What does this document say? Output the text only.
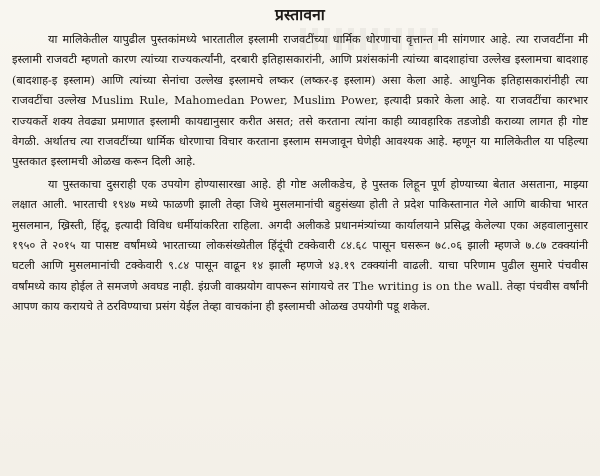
प्रस्तावना

या मालिकेतील यापुढील पुस्तकांमध्ये भारतातील इस्लामी राजवटींच्या धार्मिक धोरणाचा वृत्तान्त मी सांगणार आहे. त्या राजवटींना मी इस्लामी राजवटी म्हणतो कारण त्यांच्या राज्यकर्त्यांनी, दरबारी इतिहासकारांनी, आणि प्रशंसकांनी त्यांच्या बादशाहांचा उल्लेख इस्लामचा बादशाह (बादशाह-इ इस्लाम) आणि त्यांच्या सेनांचा उल्लेख इस्लामचे लष्कर (लष्कर-इ इस्लाम) असा केला आहे. आधुनिक इतिहासकारांनीही त्या राजवटींचा उल्लेख Muslim Rule, Mahomedan Power, Muslim Power, इत्यादी प्रकारे केला आहे. या राजवटींचा कारभार राज्यकर्ते शक्य तेवढ्या प्रमाणात इस्लामी कायद्यानुसार करीत असत; तसे करताना त्यांना काही व्यावहारिक तडजोडी कराव्या लागत ही गोष्ट वेगळी. अर्थातच त्या राजवटींच्या धार्मिक धोरणाचा विचार करताना इस्लाम समजावून घेणेही आवश्यक आहे. म्हणून या मालिकेतील या पहिल्या पुस्तकात इस्लामची ओळख करून दिली आहे.

या पुस्तकाचा दुसराही एक उपयोग होण्यासारखा आहे. ही गोष्ट अलीकडेच, हे पुस्तक लिहून पूर्ण होण्याच्या बेतात असताना, माझ्या लक्षात आली. भारताची १९४७ मध्ये फाळणी झाली तेव्हा जिथे मुसलमानांची बहुसंख्या होती ते प्रदेश पाकिस्तानात गेले आणि बाकीचा भारत मुसलमान, ख्रिस्ती, हिंदू, इत्यादी विविध धर्मीयांकरिता राहिला. अगदी अलीकडे प्रधानमंत्र्यांच्या कार्यालयाने प्रसिद्ध केलेल्या एका अहवालानुसार १९५० ते २०१५ या पासष्ट वर्षांमध्ये भारताच्या लोकसंख्येतील हिंदूंची टक्केवारी ८४.६८ पासून घसरून ७८.०६ झाली म्हणजे ७.८७ टक्क्यांनी घटली आणि मुसलमानांची टक्केवारी ९.८४ पासून वाढून १४ झाली म्हणजे ४३.१९ टक्क्यांनी वाढली. याचा परिणाम पुढील सुमारे पंचवीस वर्षांमध्ये काय होईल ते समजणे अवघड नाही. इंग्रजी वाक्प्रयोग वापरून सांगायचे तर The writing is on the wall. तेव्हा पंचवीस वर्षांनी आपण काय करायचे ते ठरविण्याचा प्रसंग येईल तेव्हा वाचकांना ही इस्लामची ओळख उपयोगी पडू शकेल.
